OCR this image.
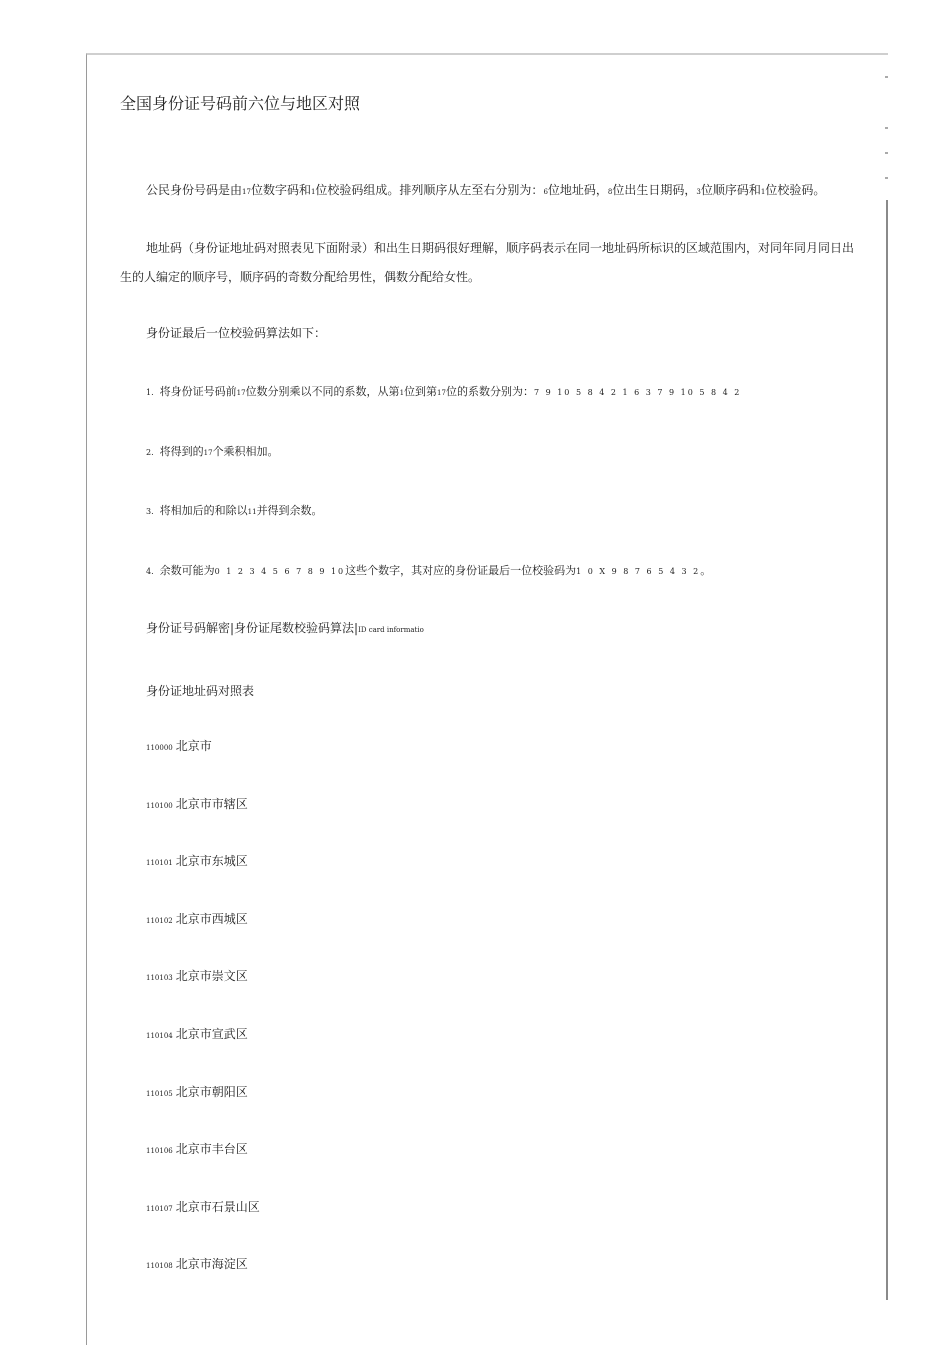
全国身份证号码前六位与地区对照

公民身份号码是由17位数字码和1位校验码组成。排列顺序从左至右分别为：6位地址码，8位出生日期码，3位顺序码和1位校验码。

地址码（身份证地址码对照表见下面附录）和出生日期码很好理解，顺序码表示在同一地址码所标识的区域范围内，对同年同月同日出生的人编定的顺序号，顺序码的奇数分配给男性，偶数分配给女性。

身份证最后一位校验码算法如下：

1. 将身份证号码前17位数分别乘以不同的系数，从第1位到第17位的系数分别为：7 9 10 5 8 4 2 1 6 3 7 9 10 5 8 4 2
2. 将得到的17个乘积相加。
3. 将相加后的和除以11并得到余数。
4. 余数可能为0 1 2 3 4 5 6 7 8 9 10这些个数字，其对应的身份证最后一位校验码为1 0 X 9 8 7 6 5 4 3 2。
身份证号码解密|身份证尾数校验码算法|ID card informatio
身份证地址码对照表
110000 北京市
110100 北京市市辖区
110101 北京市东城区
110102 北京市西城区
110103 北京市崇文区
110104 北京市宣武区
110105 北京市朝阳区
110106 北京市丰台区
110107 北京市石景山区
110108 北京市海淀区
